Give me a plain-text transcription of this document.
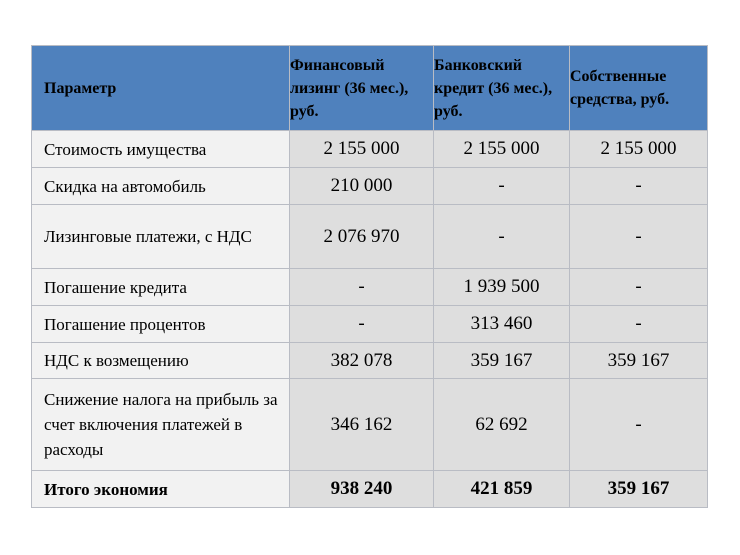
Параметр	Финансовый лизинг (36 мес.), руб.	Банковский кредит (36 мес.), руб.	Собственные средства, руб.
Стоимость имущества	2 155 000	2 155 000	2 155 000
Скидка на автомобиль	210 000	-	-
Лизинговые платежи, с НДС	2 076 970	-	-
Погашение кредита	-	1 939 500	-
Погашение процентов	-	313 460	-
НДС к возмещению	382 078	359 167	359 167
Снижение налога на прибыль за счет включения платежей в расходы	346 162	62 692	-
Итого экономия	938 240	421 859	359 167
